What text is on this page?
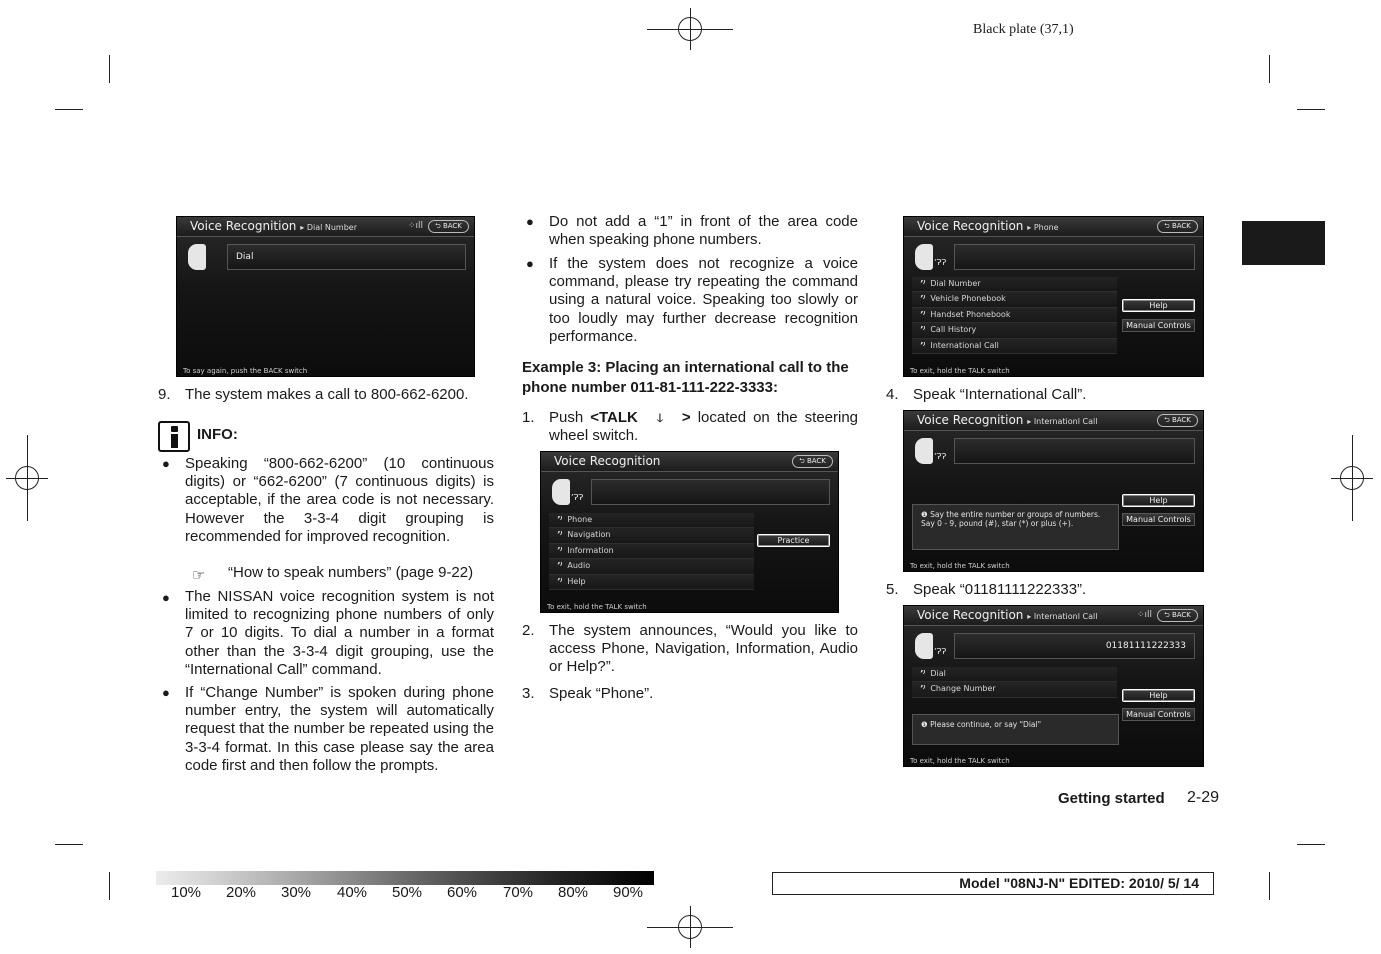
Black plate (37,1)
Voice Recognition ▸ Dial Number	⁘ıll	⮌ BACK
Dial
To say again, push the BACK switch
9. The system makes a call to 800-662-6200.
INFO:
● Speaking “800-662-6200” (10 continuous digits) or “662-6200” (7 continuous digits) is acceptable, if the area code is not necessary. However the 3-3-4 digit grouping is recommended for improved recognition.
☞ “How to speak numbers” (page 9-22)
● The NISSAN voice recognition system is not limited to recognizing phone numbers of only 7 or 10 digits. To dial a number in a format other than the 3-3-4 digit grouping, use the “International Call” command.
● If “Change Number” is spoken during phone number entry, the system will automatically request that the number be repeated using the 3-3-4 format. In this case please say the area code first and then follow the prompts.
● Do not add a “1” in front of the area code when speaking phone numbers.
● If the system does not recognize a voice command, please try repeating the command using a natural voice. Speaking too slowly or too loudly may further decrease recognition performance.
Example 3: Placing an international call to the phone number 011-81-111-222-3333:
1. Push <TALK ↆ > located on the steering wheel switch.
Voice Recognition	⮌ BACK
ʼɁɁ
ʼ⁾ Phone
ʼ⁾ Navigation
ʼ⁾ Information
ʼ⁾ Audio
ʼ⁾ Help
Practice
To exit, hold the TALK switch
2. The system announces, “Would you like to access Phone, Navigation, Information, Audio or Help?”.
3. Speak “Phone”.
Voice Recognition ▸ Phone	⮌ BACK
ʼɁɁ
ʼ⁾ Dial Number
ʼ⁾ Vehicle Phonebook
ʼ⁾ Handset Phonebook
ʼ⁾ Call History
ʼ⁾ International Call
Help
Manual Controls
To exit, hold the TALK switch
4. Speak “International Call”.
Voice Recognition ▸ Internationl Call	⮌ BACK
ʼɁɁ
❶ Say the entire number or groups of numbers. Say 0 - 9, pound (#), star (*) or plus (+).
Help
Manual Controls
To exit, hold the TALK switch
5. Speak “01181111222333”.
Voice Recognition ▸ Internationl Call	⁘ıll	⮌ BACK
ʼɁɁ
01181111222333
ʼ⁾ Dial
ʼ⁾ Change Number
❶ Please continue, or say "Dial"
Help
Manual Controls
To exit, hold the TALK switch
Getting started 2-29
10% 20% 30% 40% 50% 60% 70% 80% 90%
Model "08NJ-N" EDITED: 2010/ 5/ 14
